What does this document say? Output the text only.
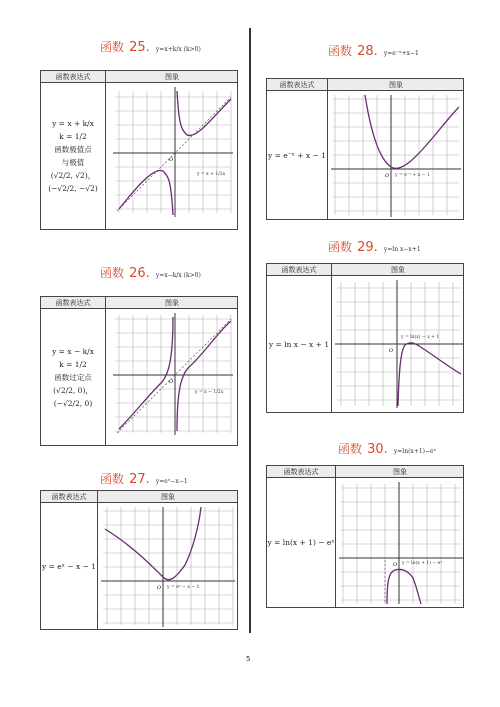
函数 25. y=x+k/x (k>0)
函数表达式	图象
y = x + k/x
k = 1/2
函数极值点
与极值
(√2/2, √2)，
(−√2/2, −√2)
O
y = x + 1/2x
函数 26. y=x−k/x (k>0)
函数表达式	图象
y = x − k/x
k = 1/2
函数过定点
(√2/2, 0)，
(−√2/2, 0)
O
y = x − 1/2x
函数 27. y=eˣ−x−1
函数表达式	图象
y = eˣ − x − 1
O y = eˣ − x − 1
函数 28. y=e⁻ˣ+x−1
函数表达式	图象
y = e⁻ˣ + x − 1
O y = e⁻ˣ + x − 1
函数 29. y=ln x−x+1
函数表达式	图象
y = ln x − x + 1
O
y = ln(x) − x + 1
函数 30. y=ln(x+1)−eˣ
函数表达式	图象
y = ln(x + 1) − eˣ
O y = ln(x + 1) − eˣ
5
